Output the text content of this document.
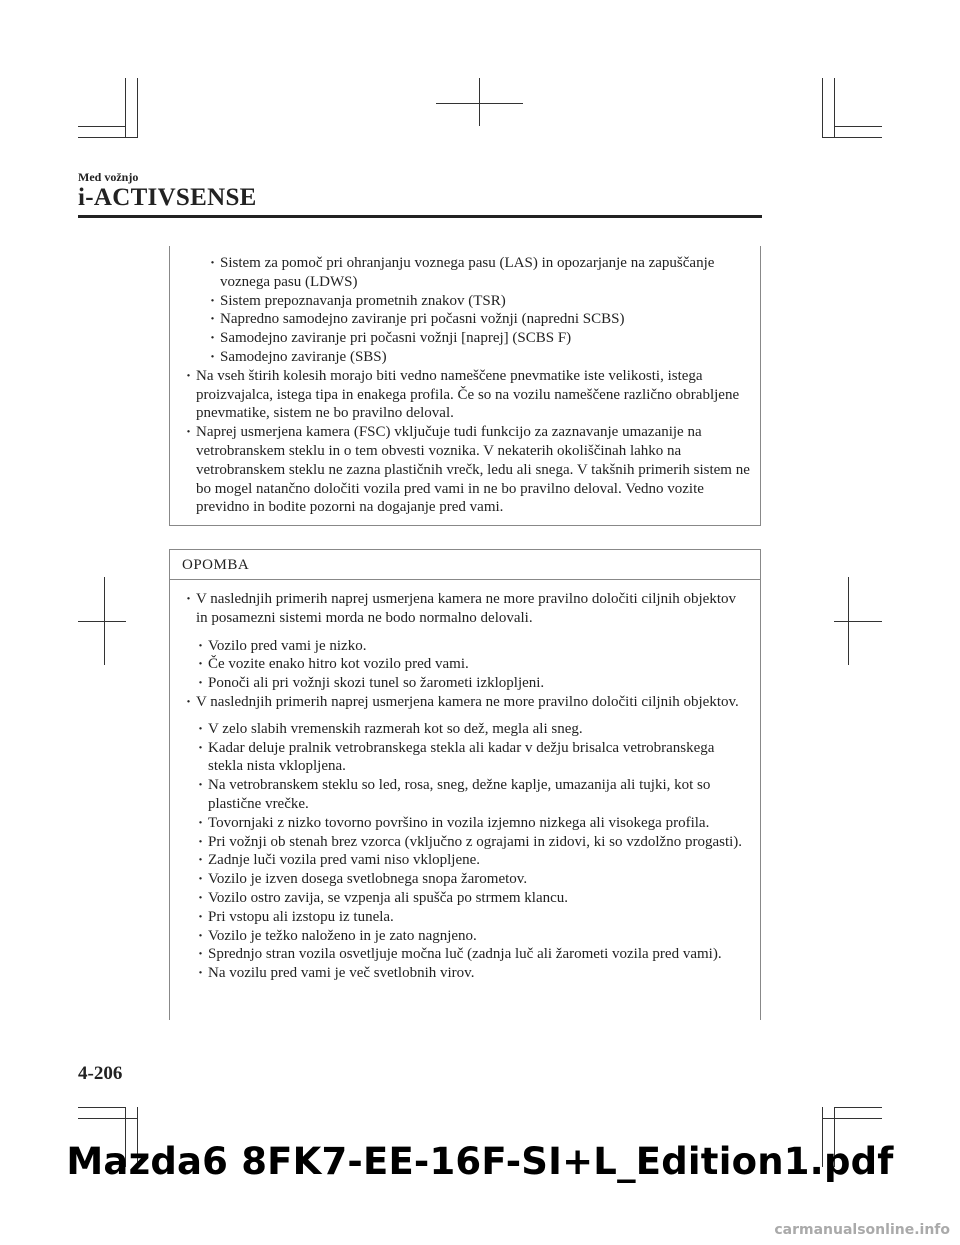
Med vožnjo
i-ACTIVSENSE
· Sistem za pomoč pri ohranjanju voznega pasu (LAS) in opozarjanje na zapuščanje voznega pasu (LDWS)
· Sistem prepoznavanja prometnih znakov (TSR)
· Napredno samodejno zaviranje pri počasni vožnji (napredni SCBS)
· Samodejno zaviranje pri počasni vožnji [naprej] (SCBS F)
· Samodejno zaviranje (SBS)
· Na vseh štirih kolesih morajo biti vedno nameščene pnevmatike iste velikosti, istega proizvajalca, istega tipa in enakega profila. Če so na vozilu nameščene različno obrabljene pnevmatike, sistem ne bo pravilno deloval.
· Naprej usmerjena kamera (FSC) vključuje tudi funkcijo za zaznavanje umazanije na vetrobranskem steklu in o tem obvesti voznika. V nekaterih okoliščinah lahko na vetrobranskem steklu ne zazna plastičnih vrečk, ledu ali snega. V takšnih primerih sistem ne bo mogel natančno določiti vozila pred vami in ne bo pravilno deloval. Vedno vozite previdno in bodite pozorni na dogajanje pred vami.
OPOMBA
· V naslednjih primerih naprej usmerjena kamera ne more pravilno določiti ciljnih objektov in posamezni sistemi morda ne bodo normalno delovali.
· Vozilo pred vami je nizko.
· Če vozite enako hitro kot vozilo pred vami.
· Ponoči ali pri vožnji skozi tunel so žarometi izklopljeni.
· V naslednjih primerih naprej usmerjena kamera ne more pravilno določiti ciljnih objektov.
· V zelo slabih vremenskih razmerah kot so dež, megla ali sneg.
· Kadar deluje pralnik vetrobranskega stekla ali kadar v dežju brisalca vetrobranskega stekla nista vklopljena.
· Na vetrobranskem steklu so led, rosa, sneg, dežne kaplje, umazanija ali tujki, kot so plastične vrečke.
· Tovornjaki z nizko tovorno površino in vozila izjemno nizkega ali visokega profila.
· Pri vožnji ob stenah brez vzorca (vključno z ograjami in zidovi, ki so vzdolžno progasti).
· Zadnje luči vozila pred vami niso vklopljene.
· Vozilo je izven dosega svetlobnega snopa žarometov.
· Vozilo ostro zavija, se vzpenja ali spušča po strmem klancu.
· Pri vstopu ali izstopu iz tunela.
· Vozilo je težko naloženo in je zato nagnjeno.
· Sprednjo stran vozila osvetljuje močna luč (zadnja luč ali žarometi vozila pred vami).
· Na vozilu pred vami je več svetlobnih virov.
4-206
Mazda6 8FK7-EE-16F-SI+L_Edition1.pdf
carmanualsonline.info
